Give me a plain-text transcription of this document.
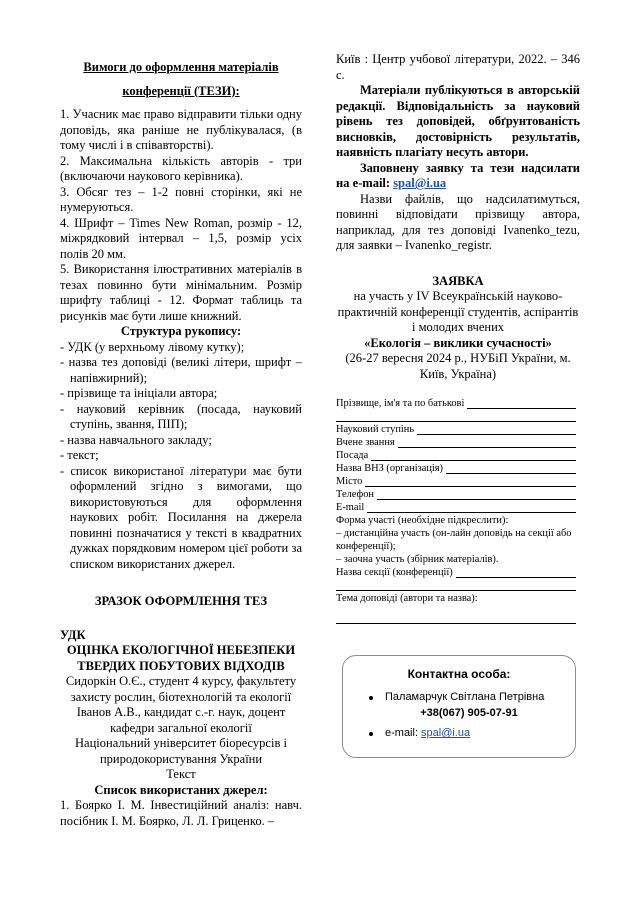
Вимоги до оформлення матеріалів

конференції (ТЕЗИ):

1. Учасник має право відправити тільки одну доповідь, яка раніше не публікувалася, (в тому числі і в співавторстві).

2. Максимальна кількість авторів - три (включаючи наукового керівника).

3. Обсяг тез – 1-2 повні сторінки, які не нумеруються.

4. Шрифт – Times New Roman, розмір - 12, міжрядковий інтервал – 1,5, розмір усіх полів 20 мм.

5. Використання ілюстративних матеріалів в тезах повинно бути мінімальним. Розмір шрифту таблиці - 12. Формат таблиць та рисунків має бути лише книжний.

Структура рукопису:

- УДК (у верхньому лівому кутку);
- назва тез доповіді (великі літери, шрифт – напівжирний);
- прізвище та ініціали автора;
- науковий керівник (посада, науковий ступінь, звання, ПІП);
- назва навчального закладу;
- текст;
- список використаної літератури має бути оформлений згідно з вимогами, що використовуються для оформлення наукових робіт. Посилання на джерела повинні позначатися у тексті в квадратних дужках порядковим номером цієї роботи за списком використаних джерел.

ЗРАЗОК ОФОРМЛЕННЯ ТЕЗ

УДК

ОЦІНКА ЕКОЛОГІЧНОЇ НЕБЕЗПЕКИ ТВЕРДИХ ПОБУТОВИХ ВІДХОДІВ

Сидоркін О.Є., студент 4 курсу, факультету захисту рослин, біотехнологій та екології

Іванов А.В., кандидат с.-г. наук, доцент кафедри загальної екології

Національний університет біоресурсів і природокористування України

Текст

Список використаних джерел:

1. Боярко І. М. Інвестиційний аналіз: навч. посібник І. М. Боярко, Л. Л. Гриценко. –

Київ : Центр учбової літератури, 2022. – 346 с.

Матеріали публікуються в авторській редакції. Відповідальність за науковий рівень тез доповідей, обґрунтованість висновків, достовірність результатів, наявність плагіату несуть автори.

Заповнену заявку та тези надсилати на e-mail: spal@i.ua

Назви файлів, що надсилатимуться, повинні відповідати прізвищу автора, наприклад, для тез доповіді Ivanenko_tezu, для заявки – Ivanenko_registr.

ЗАЯВКА

на участь у IV Всеукраїнській науково-практичній конференції студентів, аспірантів і молодих вчених

«Екологія – виклики сучасності»

(26-27 вересня 2024 р., НУБіП України, м. Київ, Україна)

Прізвище, ім'я та по батькові
Науковий ступінь
Вчене звання
Посада
Назва ВНЗ (організація)
Місто
Телефон
E-mail

Форма участі (необхідне підкреслити):

– дистанційна участь (он-лайн доповідь на секції або конференції);

– заочна участь (збірник матеріалів).

Назва секції (конференції)

Тема доповіді (автори та назва):

Контактна особа:
Паламарчук Світлана Петрівна
+38(067) 905-07-91
e-mail: spal@i.ua
